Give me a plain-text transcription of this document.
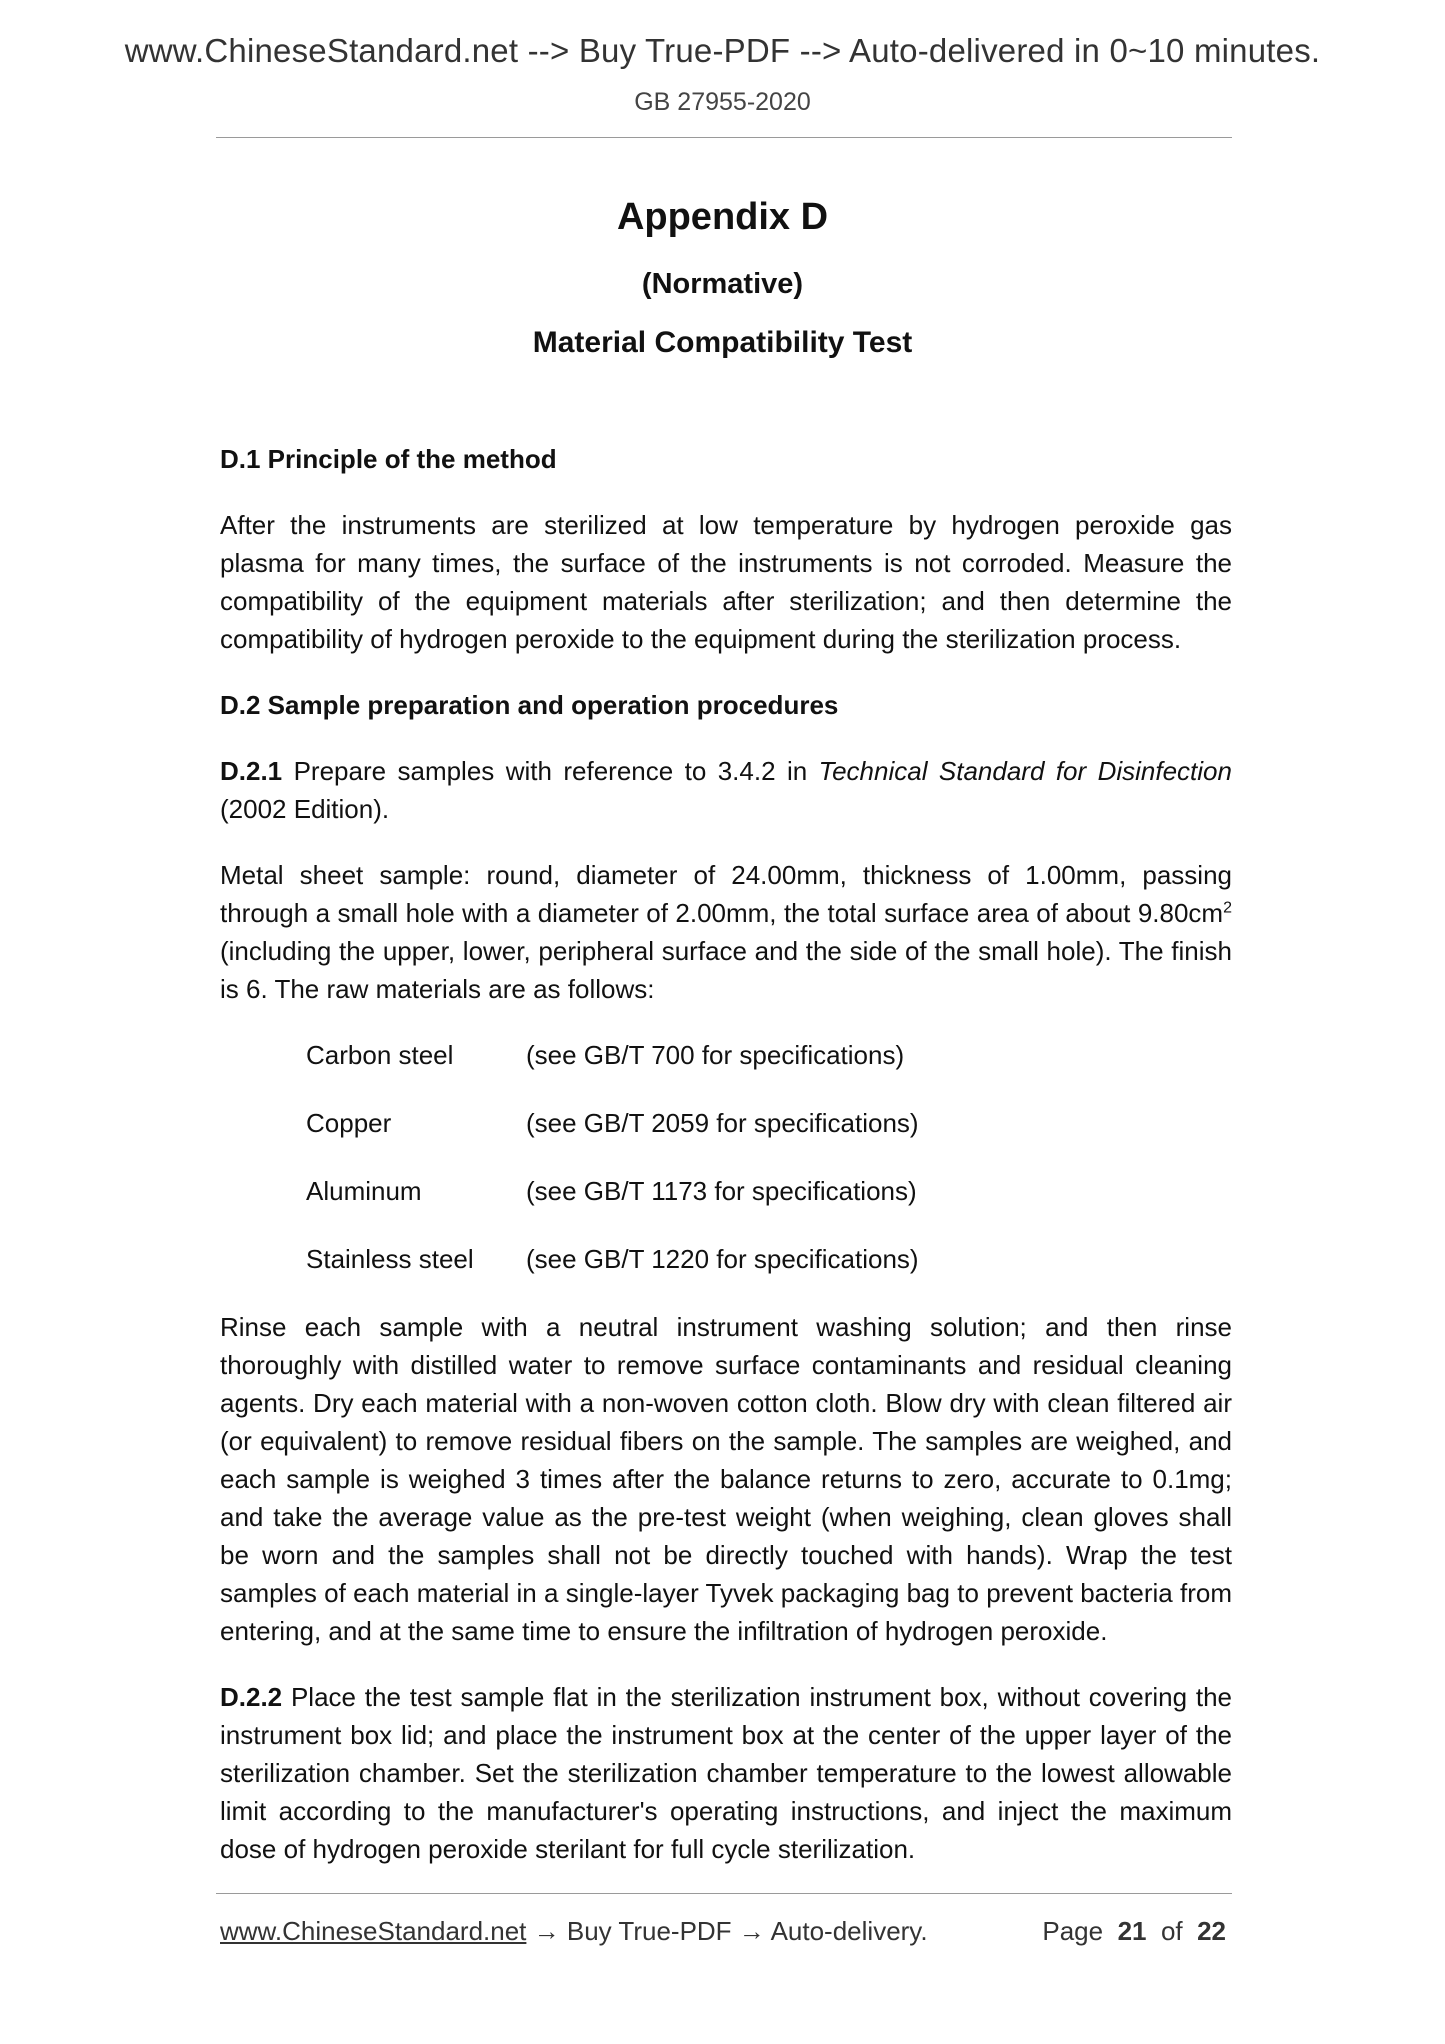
www.ChineseStandard.net --> Buy True-PDF --> Auto-delivered in 0~10 minutes.
GB 27955-2020
Appendix D
(Normative)
Material Compatibility Test
D.1 Principle of the method

After the instruments are sterilized at low temperature by hydrogen peroxide gas plasma for many times, the surface of the instruments is not corroded. Measure the compatibility of the equipment materials after sterilization; and then determine the compatibility of hydrogen peroxide to the equipment during the sterilization process.

D.2 Sample preparation and operation procedures

D.2.1 Prepare samples with reference to 3.4.2 in Technical Standard for Disinfection (2002 Edition).

Metal sheet sample: round, diameter of 24.00mm, thickness of 1.00mm, passing through a small hole with a diameter of 2.00mm, the total surface area of about $9.80cm^2$ (including the upper, lower, peripheral surface and the side of the small hole). The finish is 6. The raw materials are as follows:

Carbon steel	(see GB/T 700 for specifications)
Copper	(see GB/T 2059 for specifications)
Aluminum	(see GB/T 1173 for specifications)
Stainless steel	(see GB/T 1220 for specifications)

Rinse each sample with a neutral instrument washing solution; and then rinse thoroughly with distilled water to remove surface contaminants and residual cleaning agents. Dry each material with a non-woven cotton cloth. Blow dry with clean filtered air (or equivalent) to remove residual fibers on the sample. The samples are weighed, and each sample is weighed 3 times after the balance returns to zero, accurate to 0.1mg; and take the average value as the pre-test weight (when weighing, clean gloves shall be worn and the samples shall not be directly touched with hands). Wrap the test samples of each material in a single-layer Tyvek packaging bag to prevent bacteria from entering, and at the same time to ensure the infiltration of hydrogen peroxide.

D.2.2 Place the test sample flat in the sterilization instrument box, without covering the instrument box lid; and place the instrument box at the center of the upper layer of the sterilization chamber. Set the sterilization chamber temperature to the lowest allowable limit according to the manufacturer's operating instructions, and inject the maximum dose of hydrogen peroxide sterilant for full cycle sterilization.

www.ChineseStandard.net → Buy True-PDF → Auto-delivery.	Page 21 of 22
